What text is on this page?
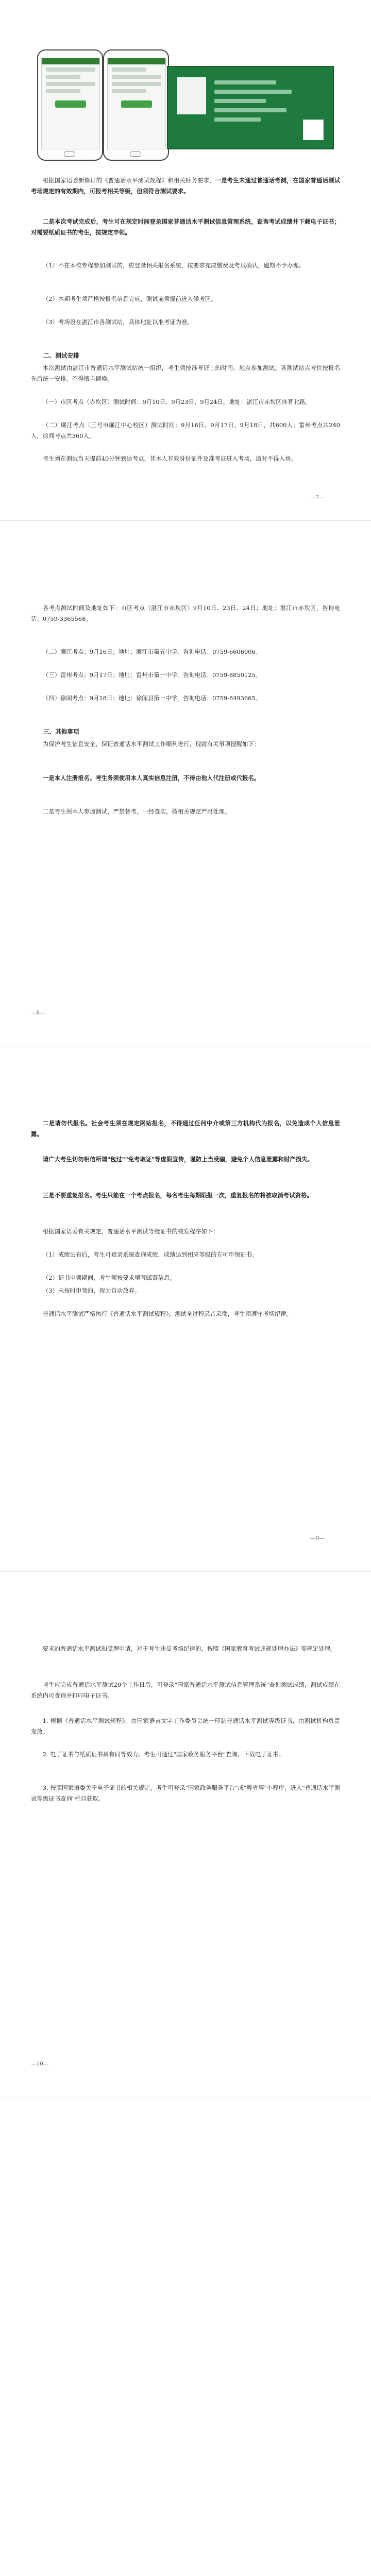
根据国家语委新修订的《普通话水平测试规程》和相关财务要求，一是考生未通过普通话考测，在国家普通话测试考场规定的有效期内，可报考相关等级，但须符合测试要求。

二是本次考试完成后，考生可在规定时间登录国家普通话水平测试信息管理系统，查询考试成绩并下载电子证书；对需要纸质证书的考生，按规定申领。

（1）不在本校专程参加测试的，应登录相关报名系统，按要求完成缴费及考试确认，逾期不予办理。

（2）本期考生须严格按报名信息完成，测试前须提前进入候考区。

（3）考场设在湛江市各测试站，具体地址以准考证为准。

二、测试安排

本次测试由湛江市普通话水平测试站统一组织，考生须按准考证上的时间、地点参加测试。各测试站点考位按报名先后统一安排，不得擅自调换。

（一）市区考点（赤坎区）测试时间：9月10日、9月23日、9月24日。地址：湛江市赤坎区体育北路。

（二）廉江考点（三号市廉江中心校区）测试时间：9月16日、9月17日、9月18日，共600人；雷州考点共240人，徐闻考点共360人。

考生须在测试当天提前40分钟到达考点，凭本人有效身份证件及准考证进入考场，逾时不得入场。

—7—

各考点测试时间及地址如下：市区考点（湛江市赤坎区）9月10日、23日、24日；地址：湛江市赤坎区，咨询电话：0759-3365568。

（二）廉江考点：9月16日；地址：廉江市第五中学，咨询电话：0759-6606006。

（三）雷州考点：9月17日；地址：雷州市第一中学，咨询电话：0759-8850125。

（四）徐闻考点：9月18日；地址：徐闻县第一中学，咨询电话：0759-8493665。

三、其他事项

为保护考生信息安全，保证普通话水平测试工作顺利进行，现就有关事项提醒如下：

一是本人注册报名。考生务须使用本人真实信息注册，不得由他人代注册或代报名。

二是考生须本人参加测试，严禁替考，一经查实，按相关规定严肃处理。

—8—

二是请勿代报名。社会考生须在规定网站报名，不得通过任何中介或第三方机构代为报名，以免造成个人信息泄露。

请广大考生切勿相信所谓"包过""免考取证"等虚假宣传，谨防上当受骗，避免个人信息泄露和财产损失。

三是不要重复报名。考生只能在一个考点报名，每名考生每期限报一次，重复报名的将被取消考试资格。

根据国家语委有关规定，普通话水平测试等级证书的核发程序如下：

（1）成绩公布后，考生可登录系统查询成绩，成绩达到相应等级的方可申领证书。

（2）证书申领期间，考生须按要求填写邮寄信息。

（3）未按时申领的，视为自动放弃。

普通话水平测试严格执行《普通话水平测试规程》，测试全过程录音录像，考生须遵守考场纪律。

—9—

要求的普通话水平测试和受理申请，对于考生违反考场纪律的，按照《国家教育考试违规处理办法》等规定处理。

考生应完成普通话水平测试20个工作日后，可登录"国家普通话水平测试信息管理系统"查询测试成绩，测试成绩在系统内可查询并打印电子证书。

1. 根据《普通话水平测试规程》，由国家语言文字工作委员会统一印制普通话水平测试等级证书，由测试机构负责发放。

2. 电子证书与纸质证书具有同等效力。考生可通过"国家政务服务平台"查询、下载电子证书。

3. 按照国家语委关于电子证书的相关规定，考生可登录"国家政务服务平台"或"粤省事"小程序，进入"普通话水平测试等级证书查询"栏目获取。

—10—
